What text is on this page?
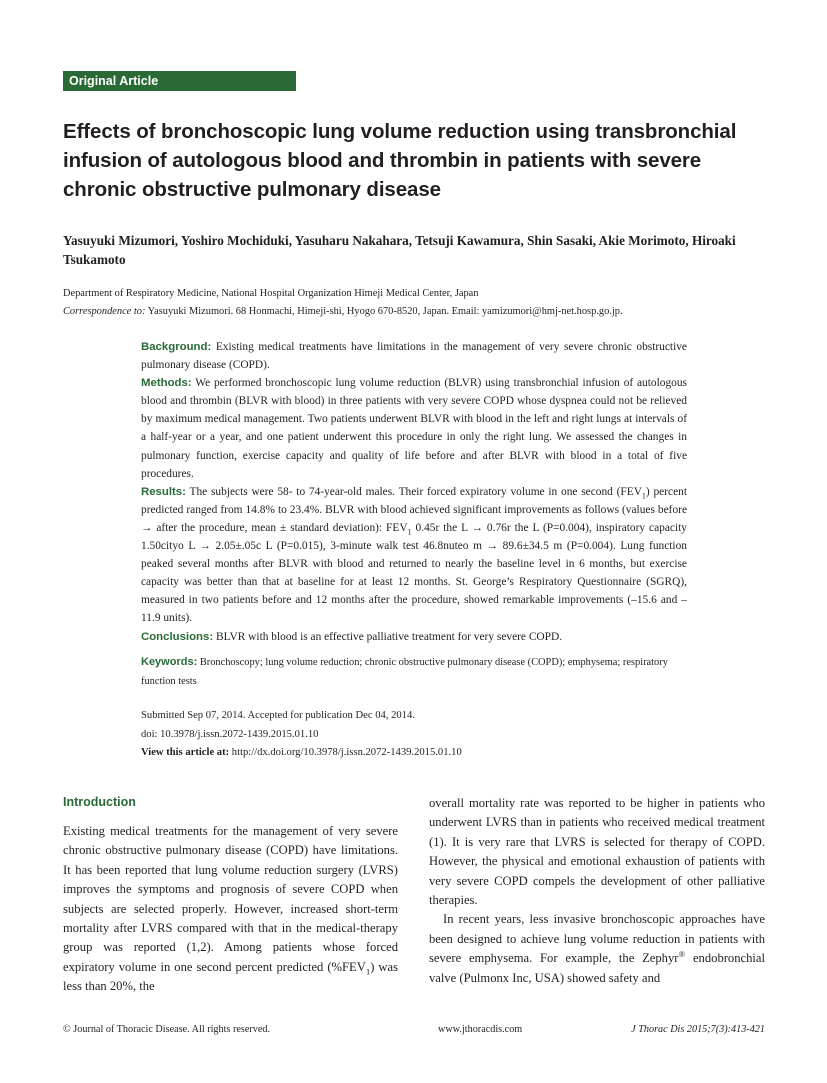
Original Article
Effects of bronchoscopic lung volume reduction using transbronchial infusion of autologous blood and thrombin in patients with severe chronic obstructive pulmonary disease
Yasuyuki Mizumori, Yoshiro Mochiduki, Yasuharu Nakahara, Tetsuji Kawamura, Shin Sasaki, Akie Morimoto, Hiroaki Tsukamoto
Department of Respiratory Medicine, National Hospital Organization Himeji Medical Center, Japan
Correspondence to: Yasuyuki Mizumori. 68 Honmachi, Himeji-shi, Hyogo 670-8520, Japan. Email: yamizumori@hmj-net.hosp.go.jp.

Background: Existing medical treatments have limitations in the management of very severe chronic obstructive pulmonary disease (COPD).

Methods: We performed bronchoscopic lung volume reduction (BLVR) using transbronchial infusion of autologous blood and thrombin (BLVR with blood) in three patients with very severe COPD whose dyspnea could not be relieved by maximum medical management. Two patients underwent BLVR with blood in the left and right lungs at intervals of a half-year or a year, and one patient underwent this procedure in only the right lung. We assessed the changes in pulmonary function, exercise capacity and quality of life before and after BLVR with blood in a total of five procedures.

Results: The subjects were 58- to 74-year-old males. Their forced expiratory volume in one second $(FEV_1)$ percent predicted ranged from 14.8% to 23.4%. BLVR with blood achieved significant improvements as follows (values before → after the procedure, mean ± standard deviation): $FEV_1$ 0.45r the L → 0.76r the L (P=0.004), inspiratory capacity 1.50cityo L → 2.05±.05c L (P=0.015), 3-minute walk test 46.8nuteo m → 89.6±34.5 m (P=0.004). Lung function peaked several months after BLVR with blood and returned to nearly the baseline level in 6 months, but exercise capacity was better than that at baseline for at least 12 months. St. George’s Respiratory Questionnaire (SGRQ), measured in two patients before and 12 months after the procedure, showed remarkable improvements (–15.6 and –11.9 units).

Conclusions: BLVR with blood is an effective palliative treatment for very severe COPD.

Keywords: Bronchoscopy; lung volume reduction; chronic obstructive pulmonary disease (COPD); emphysema; respiratory function tests
Submitted Sep 07, 2014. Accepted for publication Dec 04, 2014.
doi: 10.3978/j.issn.2072-1439.2015.01.10
View this article at: http://dx.doi.org/10.3978/j.issn.2072-1439.2015.01.10
Introduction

Existing medical treatments for the management of very severe chronic obstructive pulmonary disease (COPD) have limitations. It has been reported that lung volume reduction surgery (LVRS) improves the symptoms and prognosis of severe COPD when subjects are selected properly. However, increased short-term mortality after LVRS compared with that in the medical-therapy group was reported (1,2). Among patients whose forced expiratory volume in one second percent predicted $(\%FEV_1)$ was less than 20%, the

overall mortality rate was reported to be higher in patients who underwent LVRS than in patients who received medical treatment (1). It is very rare that LVRS is selected for therapy of COPD. However, the physical and emotional exhaustion of patients with very severe COPD compels the development of other palliative therapies.

In recent years, less invasive bronchoscopic approaches have been designed to achieve lung volume reduction in patients with severe emphysema. For example, the Zephyr® endobronchial valve (Pulmonx Inc, USA) showed safety and

© Journal of Thoracic Disease. All rights reserved.	www.jthoracdis.com	J Thorac Dis 2015;7(3):413-421
